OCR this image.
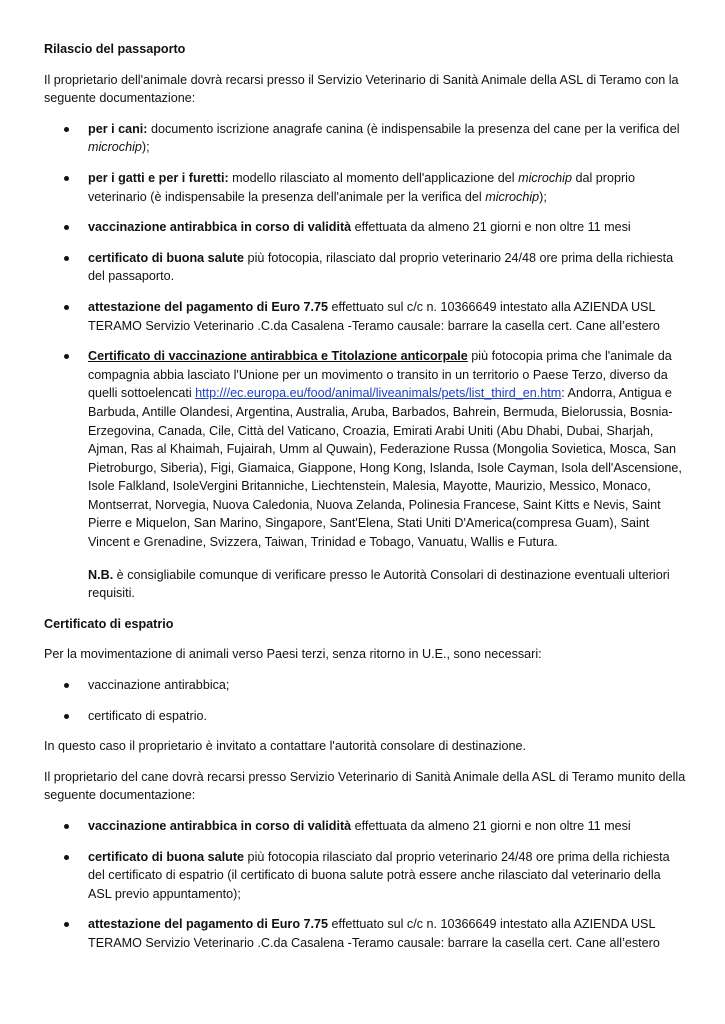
Rilascio del passaporto

Il proprietario dell'animale dovrà recarsi presso il Servizio Veterinario di Sanità Animale della ASL di Teramo con la seguente documentazione:

per i cani: documento iscrizione anagrafe canina (è indispensabile la presenza del cane per la verifica del microchip);
per i gatti e per i furetti: modello rilasciato al momento dell'applicazione del microchip dal proprio veterinario (è indispensabile la presenza dell'animale per la verifica del microchip);
vaccinazione antirabbica in corso di validità effettuata da almeno 21 giorni e non oltre 11 mesi
certificato di buona salute più fotocopia, rilasciato dal proprio veterinario 24/48 ore prima della richiesta del passaporto.
attestazione del pagamento di Euro 7.75 effettuato sul c/c n. 10366649 intestato alla AZIENDA USL TERAMO Servizio Veterinario .C.da Casalena -Teramo causale: barrare la casella cert. Cane all’estero
Certificato di vaccinazione antirabbica e Titolazione anticorpale più fotocopia prima che l'animale da compagnia abbia lasciato l'Unione per un movimento o transito in un territorio o Paese Terzo, diverso da quelli sottoelencati http:///ec.europa.eu/food/animal/liveanimals/pets/list_third_en.htm: Andorra, Antigua e Barbuda, Antille Olandesi, Argentina, Australia, Aruba, Barbados, Bahrein, Bermuda, Bielorussia, Bosnia-Erzegovina, Canada, Cile, Città del Vaticano, Croazia, Emirati Arabi Uniti (Abu Dhabi, Dubai, Sharjah, Ajman, Ras al Khaimah, Fujairah, Umm al Quwain), Federazione Russa (Mongolia Sovietica, Mosca, San Pietroburgo, Siberia), Figi, Giamaica, Giappone, Hong Kong, Islanda, Isole Cayman, Isola dell'Ascensione, Isole Falkland, IsoleVergini Britanniche, Liechtenstein, Malesia, Mayotte, Maurizio, Messico, Monaco, Montserrat, Norvegia, Nuova Caledonia, Nuova Zelanda, Polinesia Francese, Saint Kitts e Nevis, Saint Pierre e Miquelon, San Marino, Singapore, Sant'Elena, Stati Uniti D'America(compresa Guam), Saint Vincent e Grenadine, Svizzera, Taiwan, Trinidad e Tobago, Vanuatu, Wallis e Futura.
N.B. è consigliabile comunque di verificare presso le Autorità Consolari di destinazione eventuali ulteriori requisiti.
Certificato di espatrio

Per la movimentazione di animali verso Paesi terzi, senza ritorno in U.E., sono necessari:

vaccinazione antirabbica;
certificato di espatrio.

In questo caso il proprietario è invitato a contattare l'autorità consolare di destinazione.

Il proprietario del cane dovrà recarsi presso Servizio Veterinario di Sanità Animale della ASL di Teramo munito della seguente documentazione:

vaccinazione antirabbica in corso di validità effettuata da almeno 21 giorni e non oltre 11 mesi
certificato di buona salute più fotocopia rilasciato dal proprio veterinario 24/48 ore prima della richiesta del certificato di espatrio (il certificato di buona salute potrà essere anche rilasciato dal veterinario della ASL previo appuntamento);
attestazione del pagamento di Euro 7.75 effettuato sul c/c n. 10366649 intestato alla AZIENDA USL TERAMO Servizio Veterinario .C.da Casalena -Teramo causale: barrare la casella cert. Cane all’estero
